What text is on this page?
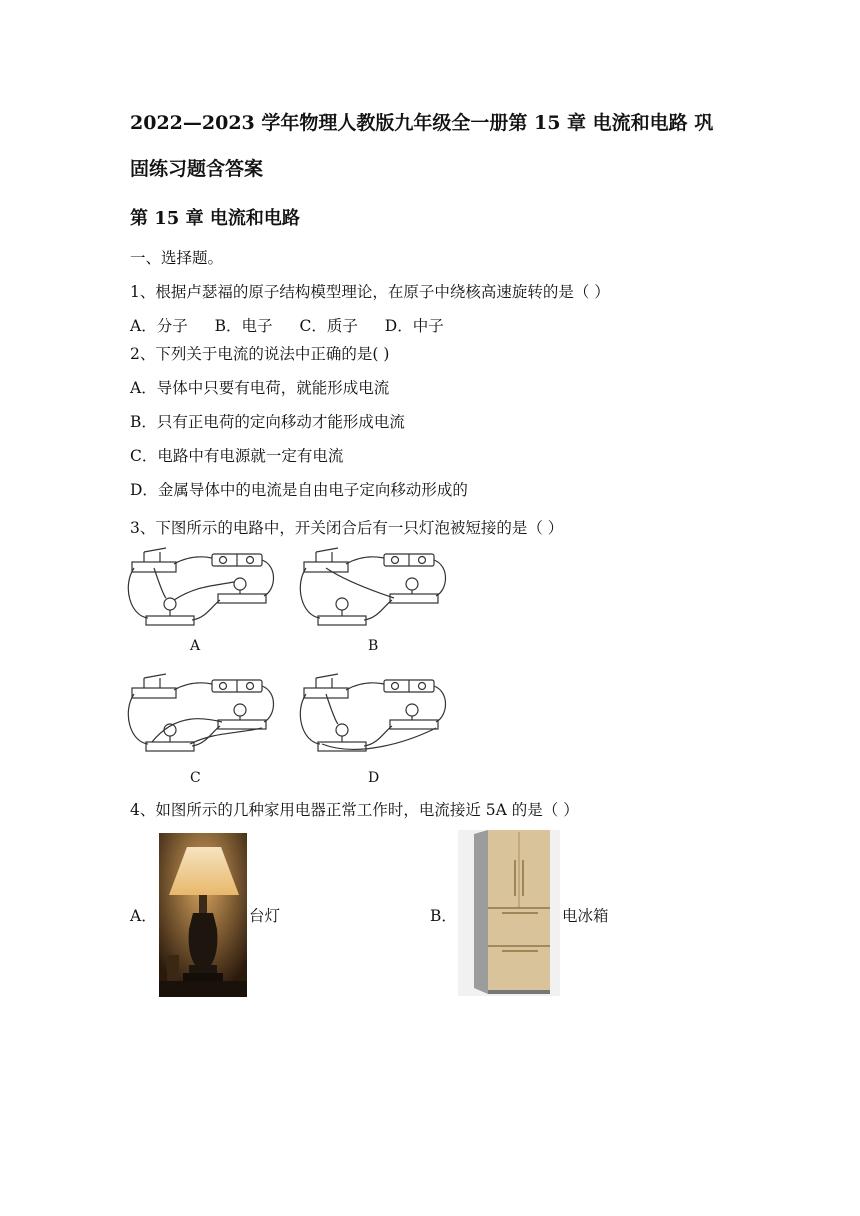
2022—2023 学年物理人教版九年级全一册第 15 章 电流和电路 巩
固练习题含答案
第 15 章 电流和电路
一、选择题。
1、根据卢瑟福的原子结构模型理论，在原子中绕核高速旋转的是（ ）
A．分子 B．电子 C．质子 D．中子
2、下列关于电流的说法中正确的是( )
A．导体中只要有电荷，就能形成电流
B．只有正电荷的定向移动才能形成电流
C．电路中有电源就一定有电流
D．金属导体中的电流是自由电子定向移动形成的
3、下图所示的电路中，开关闭合后有一只灯泡被短接的是（ ）
A	B
C	D
4、如图所示的几种家用电器正常工作时，电流接近 5A 的是（ ）
A．	台灯	B．	电冰箱
